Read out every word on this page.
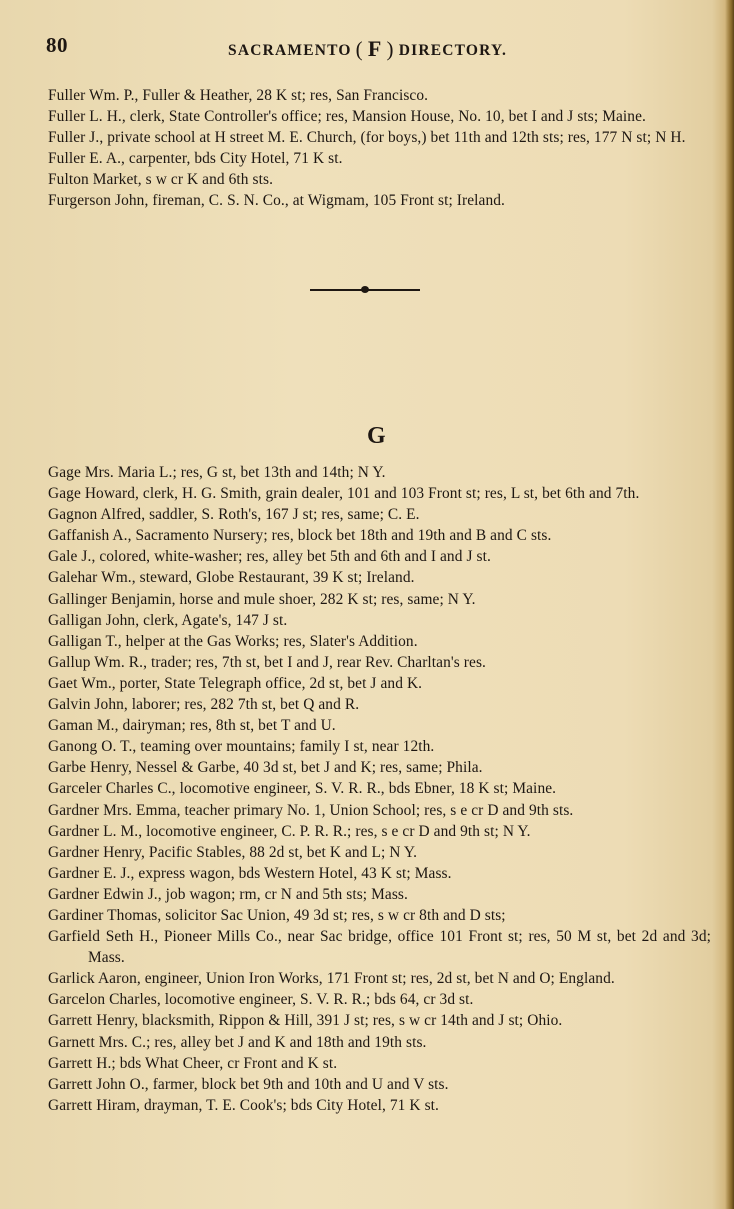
80	SACRAMENTO ( F ) DIRECTORY.
Fuller Wm. P., Fuller & Heather, 28 K st; res, San Francisco.
Fuller L. H., clerk, State Controller's office; res, Mansion House, No. 10, bet I and J sts; Maine.
Fuller J., private school at H street M. E. Church, (for boys,) bet 11th and 12th sts; res, 177 N st; N H.
Fuller E. A., carpenter, bds City Hotel, 71 K st.
Fulton Market, s w cr K and 6th sts.
Furgerson John, fireman, C. S. N. Co., at Wigmam, 105 Front st; Ireland.
G
Gage Mrs. Maria L.; res, G st, bet 13th and 14th; N Y.
Gage Howard, clerk, H. G. Smith, grain dealer, 101 and 103 Front st; res, L st, bet 6th and 7th.
Gagnon Alfred, saddler, S. Roth's, 167 J st; res, same; C. E.
Gaffanish A., Sacramento Nursery; res, block bet 18th and 19th and B and C sts.
Gale J., colored, white-washer; res, alley bet 5th and 6th and I and J st.
Galehar Wm., steward, Globe Restaurant, 39 K st; Ireland.
Gallinger Benjamin, horse and mule shoer, 282 K st; res, same; N Y.
Galligan John, clerk, Agate's, 147 J st.
Galligan T., helper at the Gas Works; res, Slater's Addition.
Gallup Wm. R., trader; res, 7th st, bet I and J, rear Rev. Charltan's res.
Gaet Wm., porter, State Telegraph office, 2d st, bet J and K.
Galvin John, laborer; res, 282 7th st, bet Q and R.
Gaman M., dairyman; res, 8th st, bet T and U.
Ganong O. T., teaming over mountains; family I st, near 12th.
Garbe Henry, Nessel & Garbe, 40 3d st, bet J and K; res, same; Phila.
Garceler Charles C., locomotive engineer, S. V. R. R., bds Ebner, 18 K st; Maine.
Gardner Mrs. Emma, teacher primary No. 1, Union School; res, s e cr D and 9th sts.
Gardner L. M., locomotive engineer, C. P. R. R.; res, s e cr D and 9th st; N Y.
Gardner Henry, Pacific Stables, 88 2d st, bet K and L; N Y.
Gardner E. J., express wagon, bds Western Hotel, 43 K st; Mass.
Gardner Edwin J., job wagon; rm, cr N and 5th sts; Mass.
Gardiner Thomas, solicitor Sac Union, 49 3d st; res, s w cr 8th and D sts;
Garfield Seth H., Pioneer Mills Co., near Sac bridge, office 101 Front st; res, 50 M st, bet 2d and 3d; Mass.
Garlick Aaron, engineer, Union Iron Works, 171 Front st; res, 2d st, bet N and O; England.
Garcelon Charles, locomotive engineer, S. V. R. R.; bds 64, cr 3d st.
Garrett Henry, blacksmith, Rippon & Hill, 391 J st; res, s w cr 14th and J st; Ohio.
Garnett Mrs. C.; res, alley bet J and K and 18th and 19th sts.
Garrett H.; bds What Cheer, cr Front and K st.
Garrett John O., farmer, block bet 9th and 10th and U and V sts.
Garrett Hiram, drayman, T. E. Cook's; bds City Hotel, 71 K st.
